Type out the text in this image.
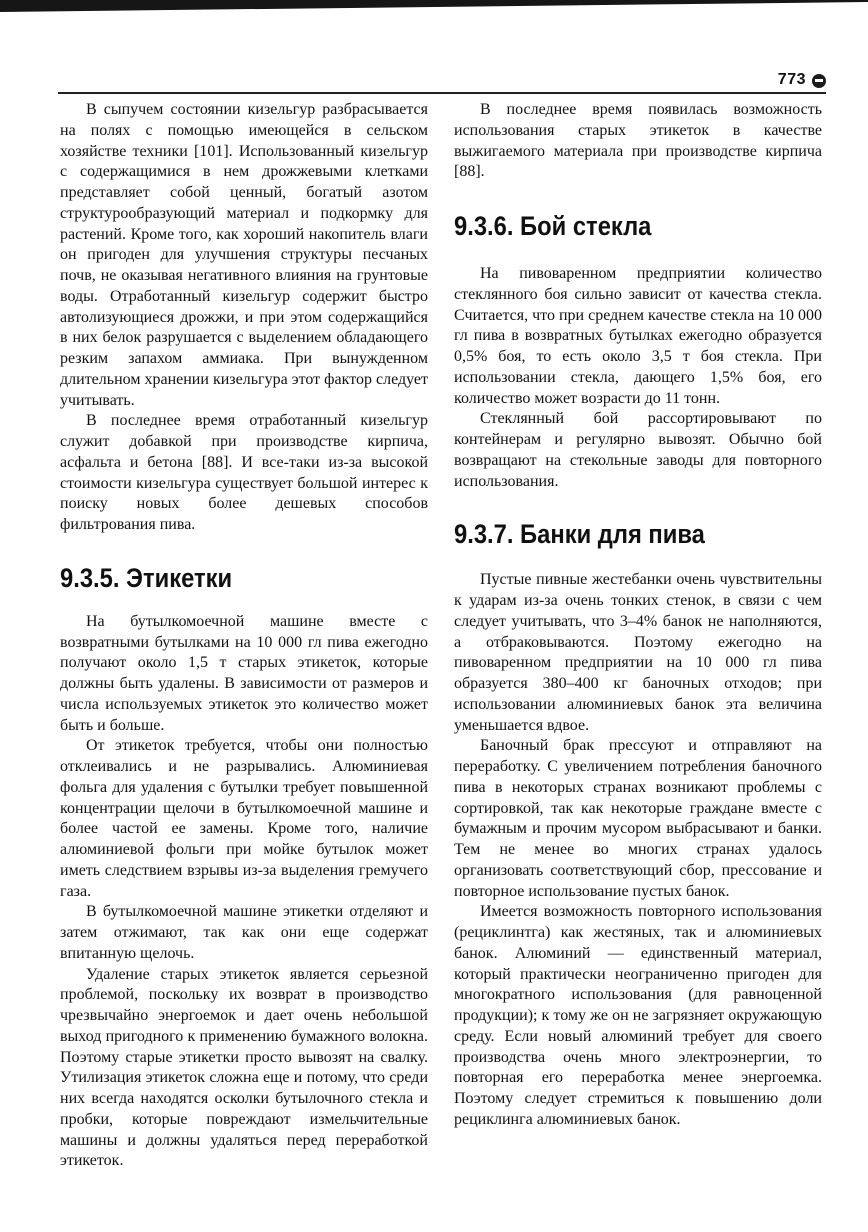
773

В сыпучем состоянии кизельгур разбрасывается на полях с помощью имеющейся в сельском хозяйстве техники [101]. Использованный кизельгур с содержащимися в нем дрожжевыми клетками представляет собой ценный, богатый азотом структурообразующий материал и подкормку для растений. Кроме того, как хороший накопитель влаги он пригоден для улучшения структуры песчаных почв, не оказывая негативного влияния на грунтовые воды. Отработанный кизельгур содержит быстро автолизующиеся дрожжи, и при этом содержащийся в них белок разрушается с выделением обладающего резким запахом аммиака. При вынужденном длительном хранении кизельгура этот фактор следует учитывать.

В последнее время отработанный кизельгур служит добавкой при производстве кирпича, асфальта и бетона [88]. И все-таки из-за высокой стоимости кизельгура существует большой интерес к поиску новых более дешевых способов фильтрования пива.

9.3.5. Этикетки

На бутылкомоечной машине вместе с возвратными бутылками на 10 000 гл пива ежегодно получают около 1,5 т старых этикеток, которые должны быть удалены. В зависимости от размеров и числа используемых этикеток это количество может быть и больше.

От этикеток требуется, чтобы они полностью отклеивались и не разрывались. Алюминиевая фольга для удаления с бутылки требует повышенной концентрации щелочи в бутылкомоечной машине и более частой ее замены. Кроме того, наличие алюминиевой фольги при мойке бутылок может иметь следствием взрывы из-за выделения гремучего газа.

В бутылкомоечной машине этикетки отделяют и затем отжимают, так как они еще содержат впитанную щелочь.

Удаление старых этикеток является серьезной проблемой, поскольку их возврат в производство чрезвычайно энергоемок и дает очень небольшой выход пригодного к применению бумажного волокна. Поэтому старые этикетки просто вывозят на свалку. Утилизация этикеток сложна еще и потому, что среди них всегда находятся осколки бутылочного стекла и пробки, которые повреждают измельчительные машины и должны удаляться перед переработкой этикеток.

В последнее время появилась возможность использования старых этикеток в качестве выжигаемого материала при производстве кирпича [88].

9.3.6. Бой стекла

На пивоваренном предприятии количество стеклянного боя сильно зависит от качества стекла. Считается, что при среднем качестве стекла на 10 000 гл пива в возвратных бутылках ежегодно образуется 0,5% боя, то есть около 3,5 т боя стекла. При использовании стекла, дающего 1,5% боя, его количество может возрасти до 11 тонн.

Стеклянный бой рассортировывают по контейнерам и регулярно вывозят. Обычно бой возвращают на стекольные заводы для повторного использования.

9.3.7. Банки для пива

Пустые пивные жестебанки очень чувствительны к ударам из-за очень тонких стенок, в связи с чем следует учитывать, что 3–4% банок не наполняются, а отбраковываются. Поэтому ежегодно на пивоваренном предприятии на 10 000 гл пива образуется 380–400 кг баночных отходов; при использовании алюминиевых банок эта величина уменьшается вдвое.

Баночный брак прессуют и отправляют на переработку. С увеличением потребления баночного пива в некоторых странах возникают проблемы с сортировкой, так как некоторые граждане вместе с бумажным и прочим мусором выбрасывают и банки. Тем не менее во многих странах удалось организовать соответствующий сбор, прессование и повторное использование пустых банок.

Имеется возможность повторного использования (рециклинтга) как жестяных, так и алюминиевых банок. Алюминий — единственный материал, который практически неограниченно пригоден для многократного использования (для равноценной продукции); к тому же он не загрязняет окружающую среду. Если новый алюминий требует для своего производства очень много электроэнергии, то повторная его переработка менее энергоемка. Поэтому следует стремиться к повышению доли рециклинга алюминиевых банок.
